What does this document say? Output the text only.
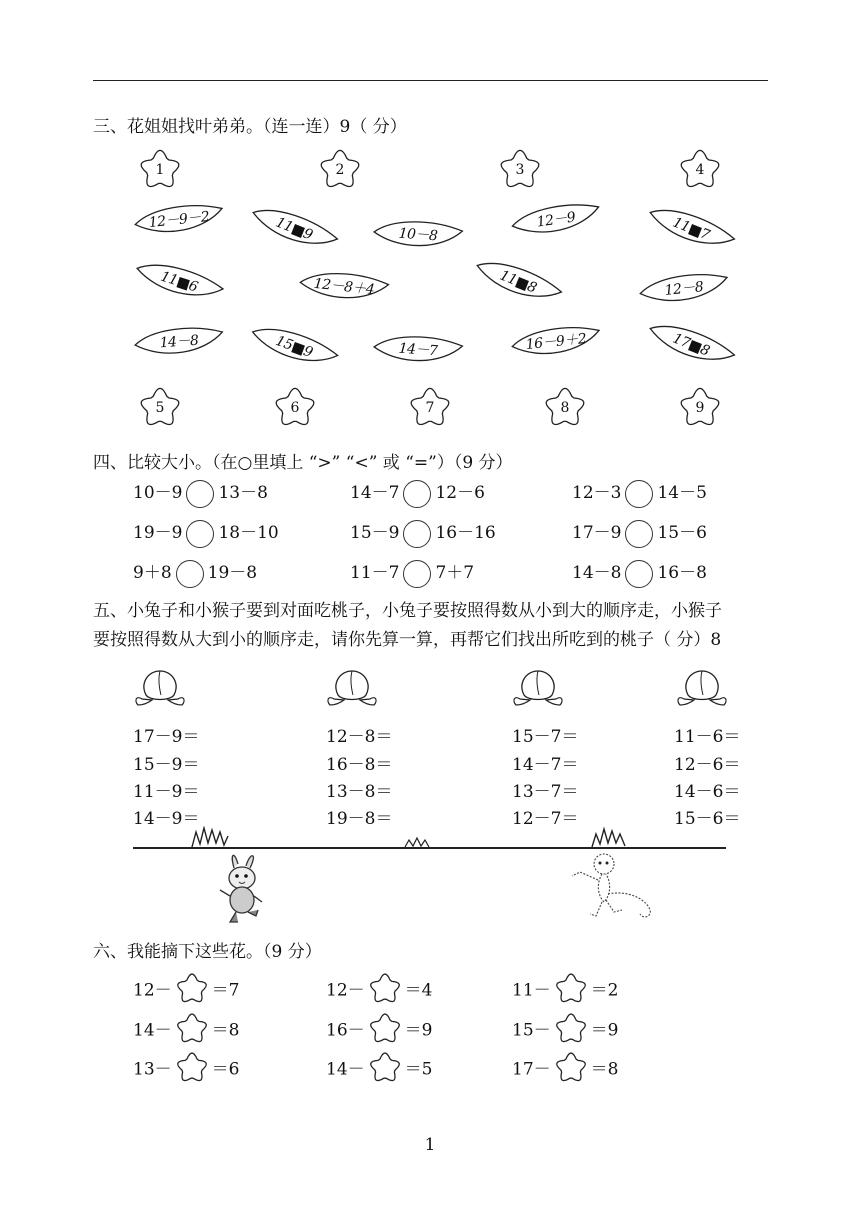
三、花姐姐找叶弟弟。（连一连）9（ 分）
1	2	3	4
12－9－2	11■9	10－8
12－9	11■7
11■6	12－8＋4	11■8	12－8
14－8	15■9	14－7	16－9＋2	17■8
5	6	7	8	9
四、比较大小。（在○里填上 “>” “<” 或 “=”）（9 分）
10－9 13－8	14－7 12－6	12－3 14－5
19－9 18－10	15－9 16－16	17－9 15－6
9＋8 19－8	11－7 7＋7	14－8 16－8
五、小兔子和小猴子要到对面吃桃子，小兔子要按照得数从小到大的顺序走，小猴子
要按照得数从大到小的顺序走，请你先算一算，再帮它们找出所吃到的桃子（ 分）8
17－9＝
15－9＝
11－9＝
14－9＝
12－8＝
16－8＝
13－8＝
19－8＝
15－7＝
14－7＝
13－7＝
12－7＝
11－6＝
12－6＝
14－6＝
15－6＝
六、我能摘下这些花。（9 分）
12－ ＝7	12－ ＝4	11－ ＝2
14－ ＝8	16－ ＝9	15－ ＝9
13－ ＝6	14－ ＝5	17－ ＝8
1
